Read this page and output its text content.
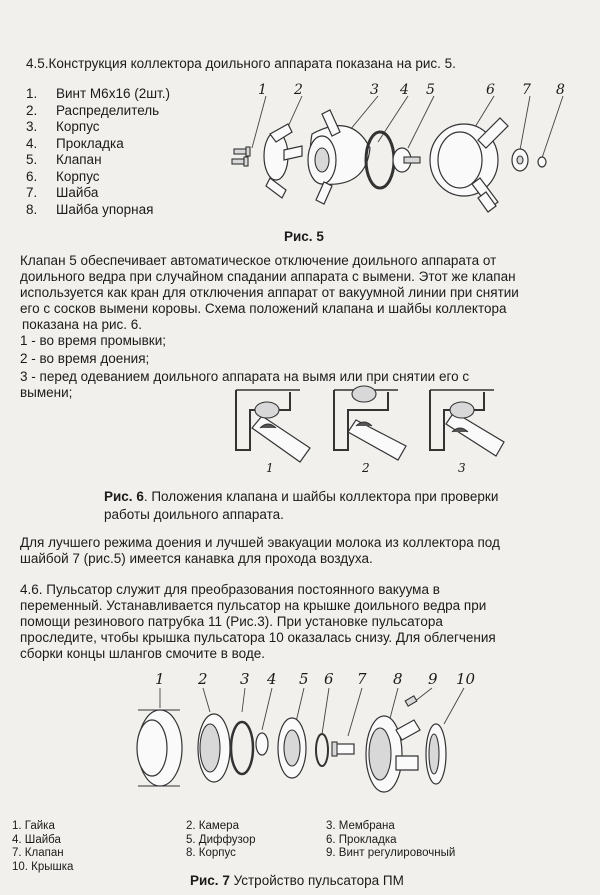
4.5.Конструкция коллектора доильного аппарата показана на рис. 5.
1.	Винт М6х16 (2шт.)
2.	Распределитель
3.	Корпус
4.	Прокладка
5.	Клапан
6.	Корпус
7.	Шайба
8.	Шайба упорная
1 2	3 4 5	6 7 8
Рис. 5
Клапан 5 обеспечивает автоматическое отключение доильного аппарата от
доильного ведра при случайном спадании аппарата с вымени. Этот же клапан
используется как кран для отключения аппарат от вакуумной линии при снятии
его с сосков вымени коровы. Схема положений клапана и шайбы коллектора
показана на рис. 6.
1 - во время промывки;
2 - во время доения;
3 - перед одеванием доильного аппарата на вымя или при снятии его с
вымени;
1	2	3
Рис. 6. Положения клапана и шайбы коллектора при проверки
работы доильного аппарата.
Для лучшего режима доения и лучшей эвакуации молока из коллектора под
шайбой 7 (рис.5) имеется канавка для прохода воздуха.
4.6. Пульсатор служит для преобразования постоянного вакуума в
переменный. Устанавливается пульсатор на крышке доильного ведра при
помощи резинового патрубка 11 (Рис.3). При установке пульсатора
проследите, чтобы крышка пульсатора 10 оказалась снизу. Для облегчения
сборки концы шлангов смочите в воде.
1 2 3 4 5 6 7 8 9 10
1. Гайка
4. Шайба
7. Клапан
10. Крышка
2. Камера
5. Диффузор
8. Корпус
3. Мембрана
6. Прокладка
9. Винт регулировочный
Рис. 7 Устройство пульсатора ПМ
